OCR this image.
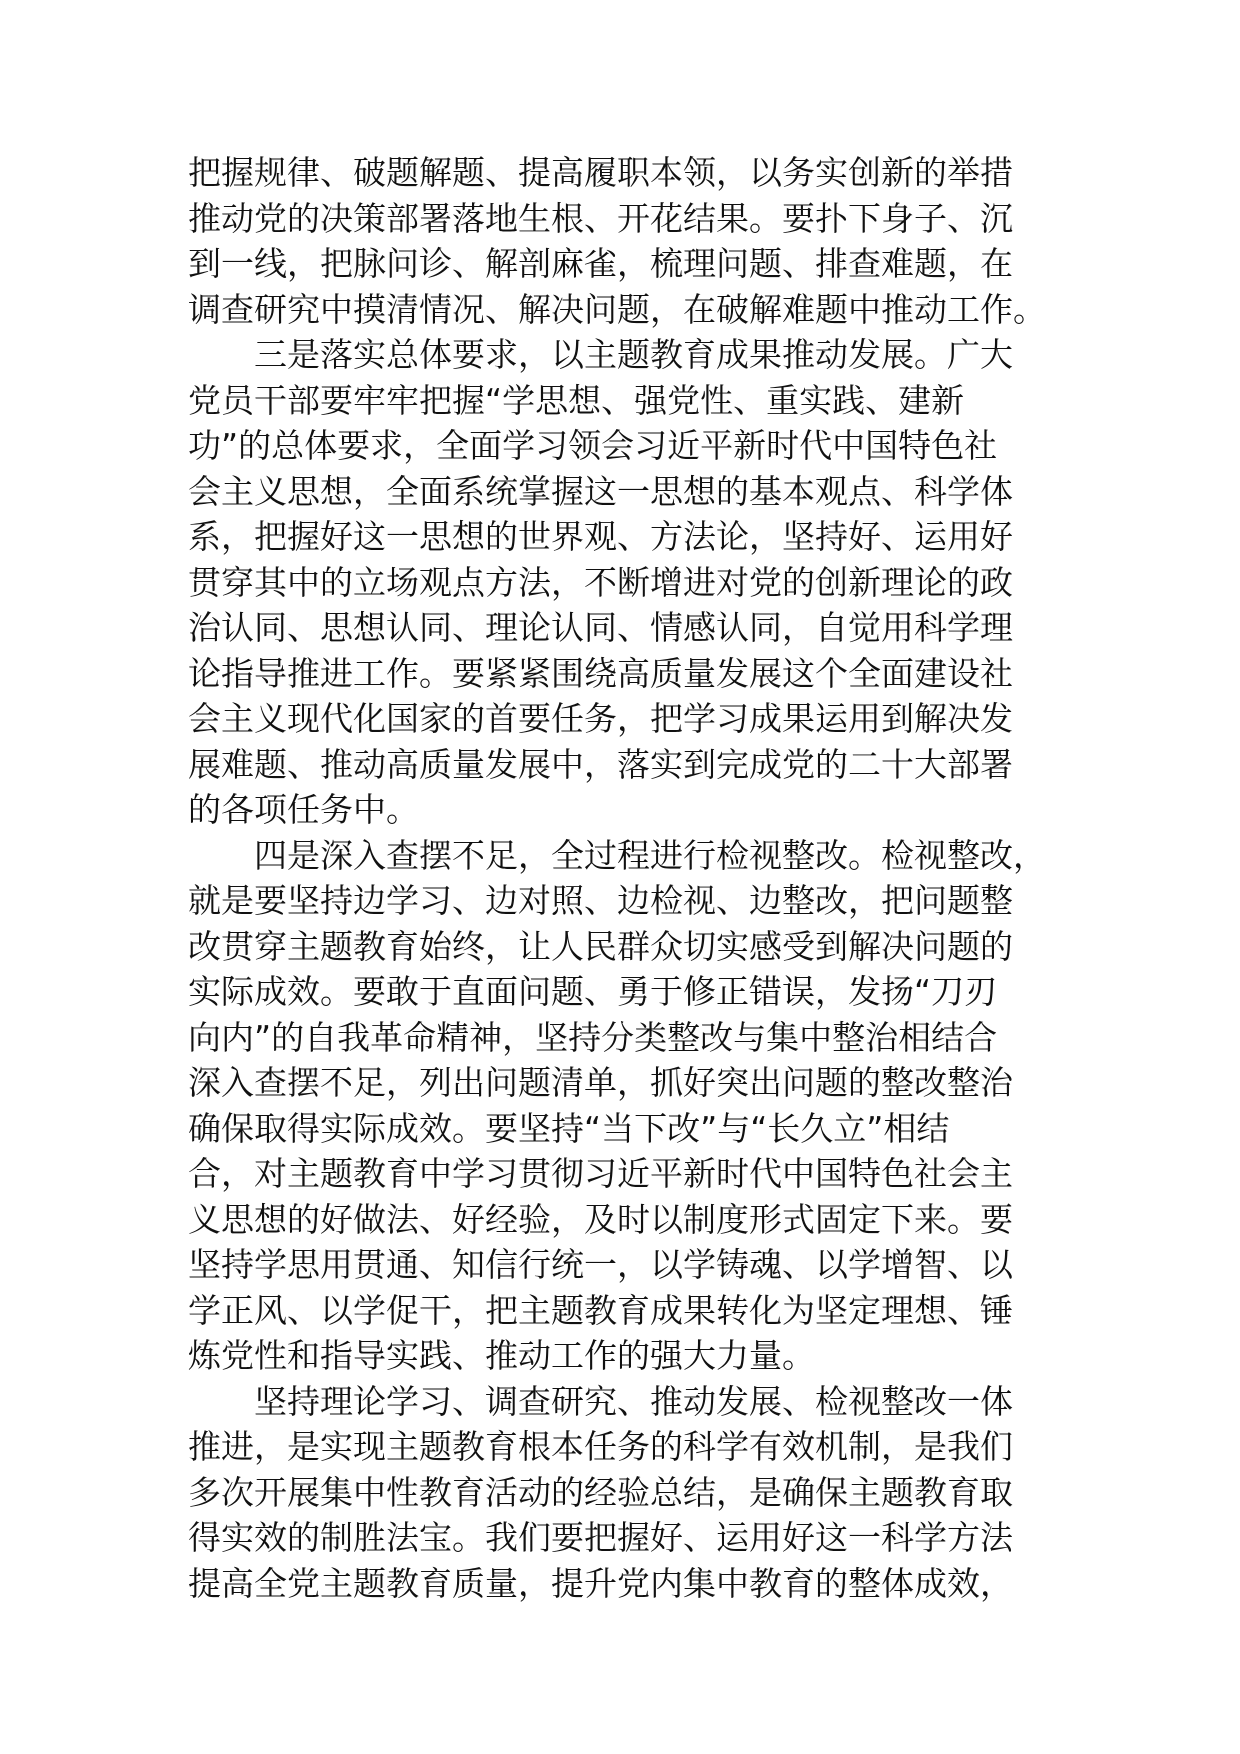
把握规律、破题解题、提高履职本领，以务实创新的举措
推动党的决策部署落地生根、开花结果。要扑下身子、沉
到一线，把脉问诊、解剖麻雀，梳理问题、排查难题，在
调查研究中摸清情况、解决问题，在破解难题中推动工作。
三是落实总体要求，以主题教育成果推动发展。广大
党员干部要牢牢把握“学思想、强党性、重实践、建新
功”的总体要求，全面学习领会习近平新时代中国特色社
会主义思想，全面系统掌握这一思想的基本观点、科学体
系，把握好这一思想的世界观、方法论，坚持好、运用好
贯穿其中的立场观点方法，不断增进对党的创新理论的政
治认同、思想认同、理论认同、情感认同，自觉用科学理
论指导推进工作。要紧紧围绕高质量发展这个全面建设社
会主义现代化国家的首要任务，把学习成果运用到解决发
展难题、推动高质量发展中，落实到完成党的二十大部署
的各项任务中。
四是深入查摆不足，全过程进行检视整改。检视整改，
就是要坚持边学习、边对照、边检视、边整改，把问题整
改贯穿主题教育始终，让人民群众切实感受到解决问题的
实际成效。要敢于直面问题、勇于修正错误，发扬“刀刃
向内”的自我革命精神，坚持分类整改与集中整治相结合
深入查摆不足，列出问题清单，抓好突出问题的整改整治
确保取得实际成效。要坚持“当下改”与“长久立”相结
合，对主题教育中学习贯彻习近平新时代中国特色社会主
义思想的好做法、好经验，及时以制度形式固定下来。要
坚持学思用贯通、知信行统一，以学铸魂、以学增智、以
学正风、以学促干，把主题教育成果转化为坚定理想、锤
炼党性和指导实践、推动工作的强大力量。
坚持理论学习、调查研究、推动发展、检视整改一体
推进，是实现主题教育根本任务的科学有效机制，是我们
多次开展集中性教育活动的经验总结，是确保主题教育取
得实效的制胜法宝。我们要把握好、运用好这一科学方法
提高全党主题教育质量，提升党内集中教育的整体成效，
